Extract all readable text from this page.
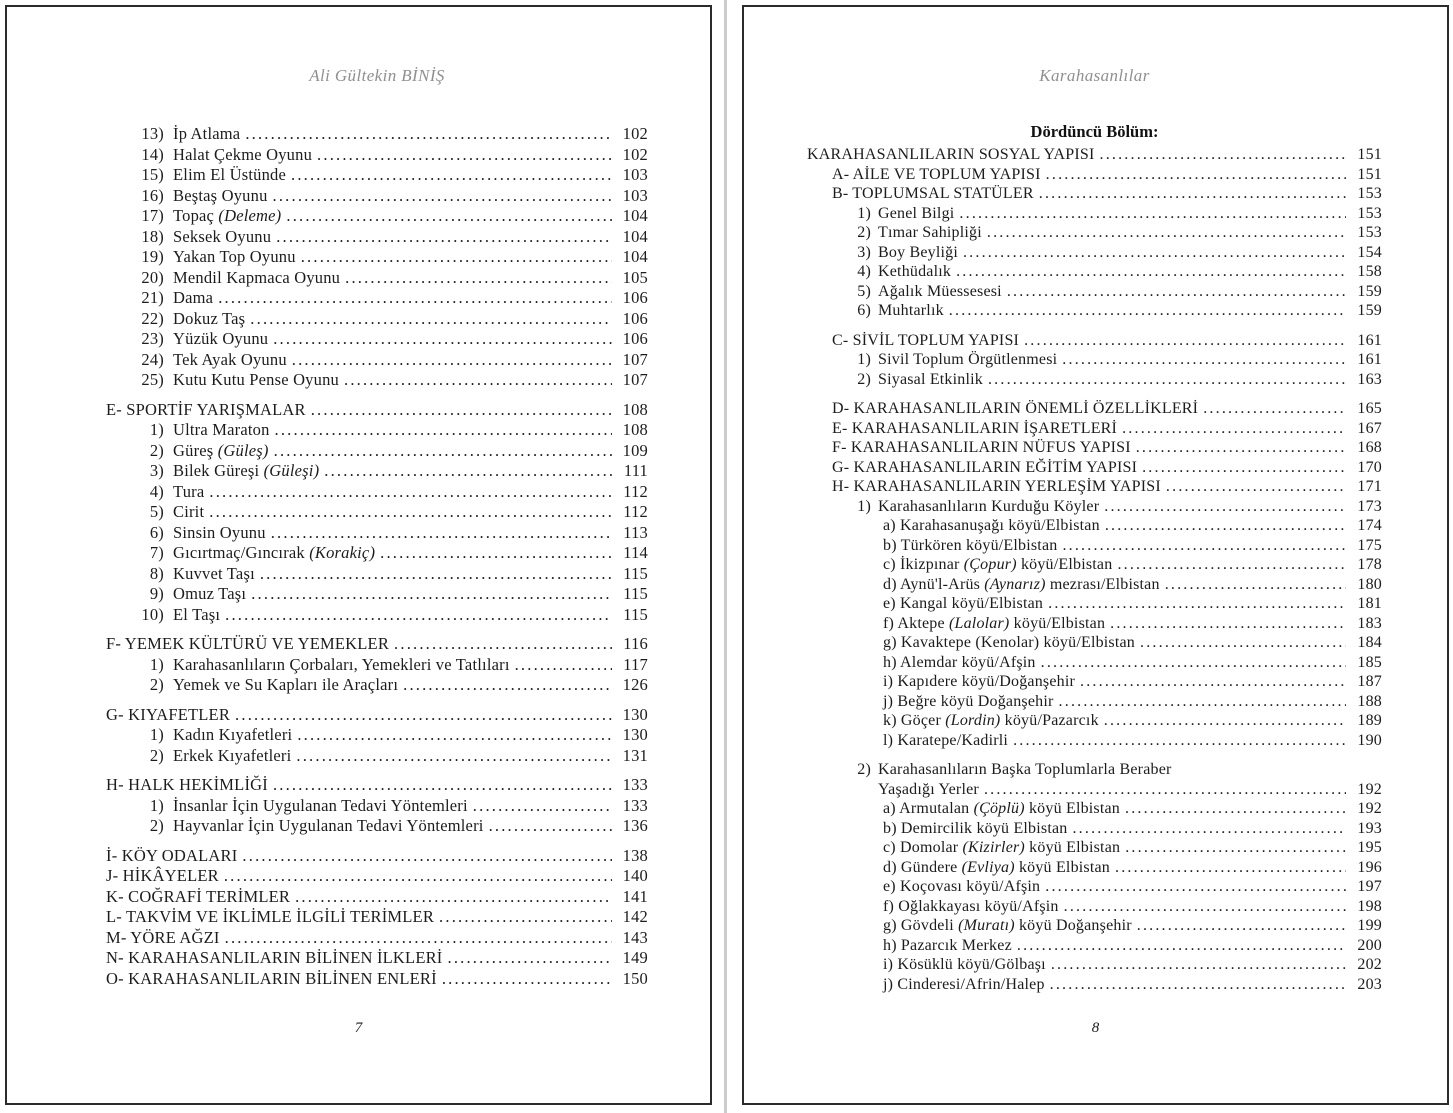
Ali Gültekin BİNİŞ
13) İp Atlama .....	102
14) Halat Çekme Oyunu .....	102
15) Elim El Üstünde .....	103
16) Beştaş Oyunu .....	103
17) Topaç (Deleme) .....	104
18) Seksek Oyunu .....	104
19) Yakan Top Oyunu .....	104
20) Mendil Kapmaca Oyunu .....	105
21) Dama .....	106
22) Dokuz Taş .....	106
23) Yüzük Oyunu .....	106
24) Tek Ayak Oyunu .....	107
25) Kutu Kutu Pense Oyunu .....	107
E- SPORTİF YARIŞMALAR .....	108
1) Ultra Maraton .....	108
2) Güreş (Güleş) .....	109
3) Bilek Güreşi (Güleşi) .....	111
4) Tura .....	112
5) Cirit .....	112
6) Sinsin Oyunu .....	113
7) Gıcırtmaç/Gıncırak (Korakiç) .....	114
8) Kuvvet Taşı .....	115
9) Omuz Taşı .....	115
10) El Taşı .....	115
F- YEMEK KÜLTÜRÜ VE YEMEKLER .....	116
1) Karahasanlıların Çorbaları, Yemekleri ve Tatlıları .....	117
2) Yemek ve Su Kapları ile Araçları .....	126
G- KIYAFETLER .....	130
1) Kadın Kıyafetleri .....	130
2) Erkek Kıyafetleri .....	131
H- HALK HEKİMLİĞİ .....	133
1) İnsanlar İçin Uygulanan Tedavi Yöntemleri .....	133
2) Hayvanlar İçin Uygulanan Tedavi Yöntemleri .....	136
İ- KÖY ODALARI .....	138
J- HİKÂYELER .....	140
K- COĞRAFİ TERİMLER .....	141
L- TAKVİM VE İKLİMLE İLGİLİ TERİMLER .....	142
M- YÖRE AĞZI .....	143
N- KARAHASANLILARIN BİLİNEN İLKLERİ .....	149
O- KARAHASANLILARIN BİLİNEN ENLERİ .....	150
7
Karahasanlılar
Dördüncü Bölüm:
KARAHASANLILARIN SOSYAL YAPISI .....	151
A- AİLE VE TOPLUM YAPISI .....	151
B- TOPLUMSAL STATÜLER .....	153
1) Genel Bilgi .....	153
2) Tımar Sahipliği .....	153
3) Boy Beyliği .....	154
4) Kethüdalık .....	158
5) Ağalık Müessesesi .....	159
6) Muhtarlık .....	159
C- SİVİL TOPLUM YAPISI .....	161
1) Sivil Toplum Örgütlenmesi .....	161
2) Siyasal Etkinlik .....	163
D- KARAHASANLILARIN ÖNEMLİ ÖZELLİKLERİ .....	165
E- KARAHASANLILARIN İŞARETLERİ .....	167
F- KARAHASANLILARIN NÜFUS YAPISI .....	168
G- KARAHASANLILARIN EĞİTİM YAPISI .....	170
H- KARAHASANLILARIN YERLEŞİM YAPISI .....	171
1) Karahasanlıların Kurduğu Köyler .....	173
a) Karahasanuşağı köyü/Elbistan .....	174
b) Türkören köyü/Elbistan .....	175
c) İkizpınar (Çopur) köyü/Elbistan .....	178
d) Aynü'l-Arüs (Aynarız) mezrası/Elbistan .....	180
e) Kangal köyü/Elbistan .....	181
f) Aktepe (Lalolar) köyü/Elbistan .....	183
g) Kavaktepe (Kenolar) köyü/Elbistan .....	184
h) Alemdar köyü/Afşin .....	185
i) Kapıdere köyü/Doğanşehir .....	187
j) Beğre köyü Doğanşehir .....	188
k) Göçer (Lordin) köyü/Pazarcık .....	189
l) Karatepe/Kadirli .....	190
2) Karahasanlıların Başka Toplumlarla Beraber
Yaşadığı Yerler .....	192
a) Armutalan (Çöplü) köyü Elbistan .....	192
b) Demircilik köyü Elbistan .....	193
c) Domolar (Kizirler) köyü Elbistan .....	195
d) Gündere (Evliya) köyü Elbistan .....	196
e) Koçovası köyü/Afşin .....	197
f) Oğlakkayası köyü/Afşin .....	198
g) Gövdeli (Muratı) köyü Doğanşehir .....	199
h) Pazarcık Merkez .....	200
i) Kösüklü köyü/Gölbaşı .....	202
j) Cinderesi/Afrin/Halep .....	203
8
